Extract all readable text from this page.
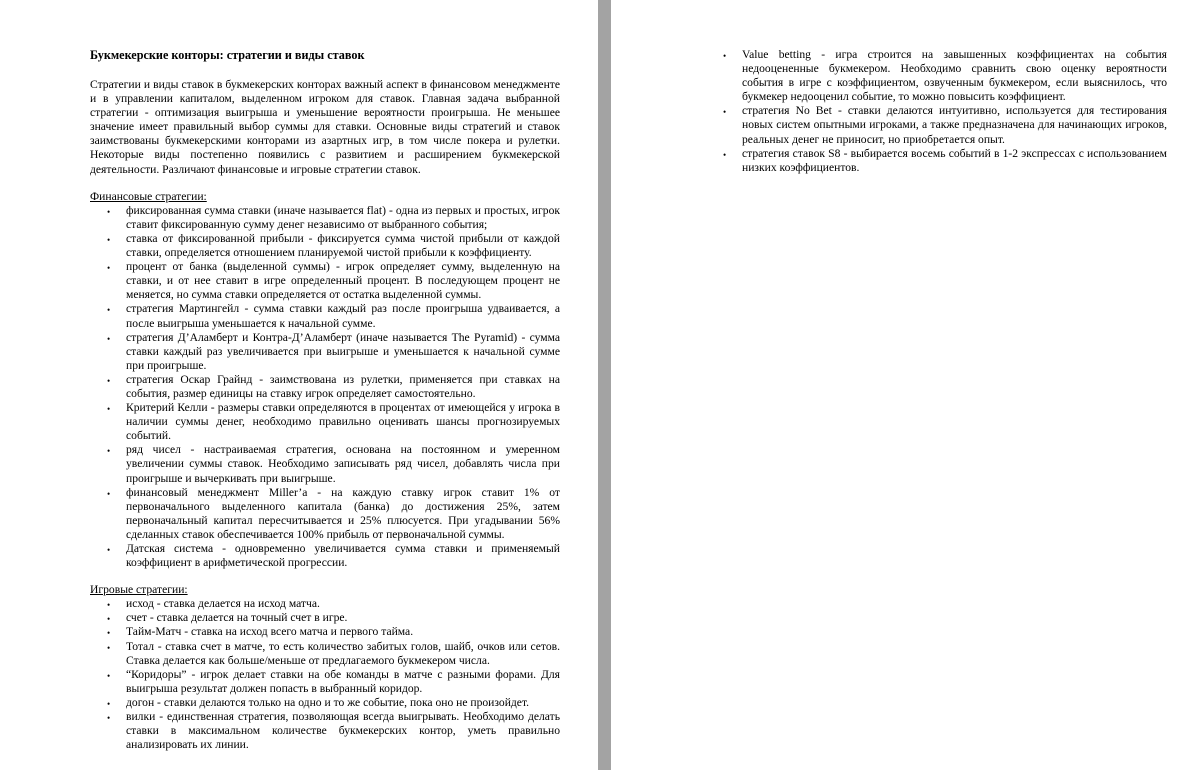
Букмекерские конторы: стратегии и виды ставок

Стратегии и виды ставок в букмекерских конторах важный аспект в финансовом менеджменте и в управлении капиталом, выделенном игроком для ставок. Главная задача выбранной стратегии - оптимизация выигрыша и уменьшение вероятности проигрыша. Не меньшее значение имеет правильный выбор суммы для ставки. Основные виды стратегий и ставок заимствованы букмекерскими конторами из азартных игр, в том числе покера и рулетки. Некоторые виды постепенно появились с развитием и расширением букмекерской деятельности. Различают финансовые и игровые стратегии ставок.

Финансовые стратегии:

• фиксированная сумма ставки (иначе называется flat) - одна из первых и простых, игрок ставит фиксированную сумму денег независимо от выбранного события;
• ставка от фиксированной прибыли - фиксируется сумма чистой прибыли от каждой ставки, определяется отношением планируемой чистой прибыли к коэффициенту.
• процент от банка (выделенной суммы) - игрок определяет сумму, выделенную на ставки, и от нее ставит в игре определенный процент. В последующем процент не меняется, но сумма ставки определяется от остатка выделенной суммы.
• стратегия Мартингейл - сумма ставки каждый раз после проигрыша удваивается, а после выигрыша уменьшается к начальной сумме.
• стратегия Д’Аламберт и Контра-Д’Аламберт (иначе называется The Pyramid) - сумма ставки каждый раз увеличивается при выигрыше и уменьшается к начальной сумме при проигрыше.
• стратегия Оскар Грайнд - заимствована из рулетки, применяется при ставках на события, размер единицы на ставку игрок определяет самостоятельно.
• Критерий Келли - размеры ставки определяются в процентах от имеющейся у игрока в наличии суммы денег, необходимо правильно оценивать шансы прогнозируемых событий.
• ряд чисел - настраиваемая стратегия, основана на постоянном и умеренном увеличении суммы ставок. Необходимо записывать ряд чисел, добавлять числа при проигрыше и вычеркивать при выигрыше.
• финансовый менеджмент Miller’a - на каждую ставку игрок ставит 1% от первоначального выделенного капитала (банка) до достижения 25%, затем первоначальный капитал пересчитывается и 25% плюсуется. При угадывании 56% сделанных ставок обеспечивается 100% прибыль от первоначальной суммы.
• Датская система - одновременно увеличивается сумма ставки и применяемый коэффициент в арифметической прогрессии.

Игровые стратегии:

• исход - ставка делается на исход матча.
• счет - ставка делается на точный счет в игре.
• Тайм-Матч - ставка на исход всего матча и первого тайма.
• Тотал - ставка счет в матче, то есть количество забитых голов, шайб, очков или сетов. Ставка делается как больше/меньше от предлагаемого букмекером числа.
• “Коридоры” - игрок делает ставки на обе команды в матче с разными форами. Для выигрыша результат должен попасть в выбранный коридор.
• догон - ставки делаются только на одно и то же событие, пока оно не произойдет.
• вилки - единственная стратегия, позволяющая всегда выигрывать. Необходимо делать ставки в максимальном количестве букмекерских контор, уметь правильно анализировать их линии.
• Value betting - игра строится на завышенных коэффициентах на события недооцененные букмекером. Необходимо сравнить свою оценку вероятности события в игре с коэффициентом, озвученным букмекером, если выяснилось, что букмекер недооценил событие, то можно повысить коэффициент.
• стратегия No Bet - ставки делаются интуитивно, используется для тестирования новых систем опытными игроками, а также предназначена для начинающих игроков, реальных денег не приносит, но приобретается опыт.
• стратегия ставок S8 - выбирается восемь событий в 1-2 экспрессах с использованием низких коэффициентов.
